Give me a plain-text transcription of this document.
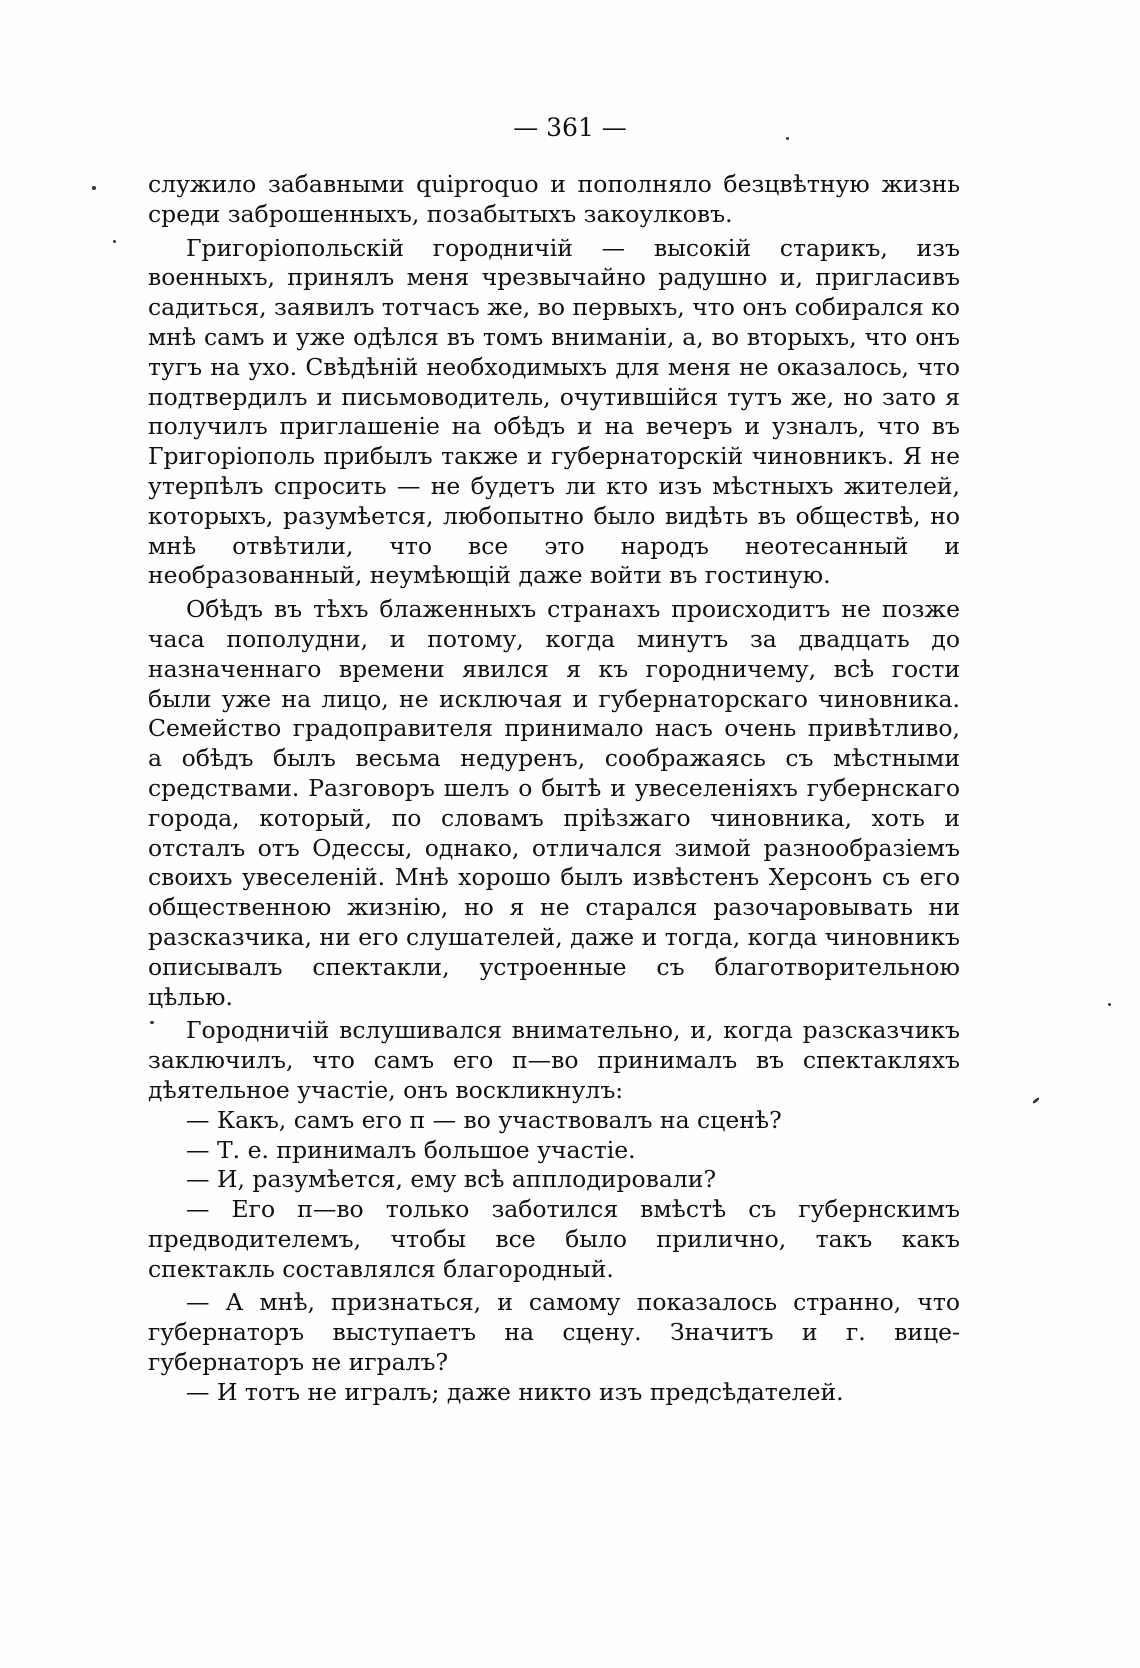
— 361 —

служило забавными quiproquo и пополняло безцвѣтную жизнь среди заброшенныхъ, позабытыхъ закоулковъ.

Григоріопольскій городничій — высокій старикъ, изъ военныхъ, принялъ меня чрезвычайно радушно и, пригласивъ садиться, заявилъ тотчасъ же, во первыхъ, что онъ собирался ко мнѣ самъ и уже одѣлся въ томъ вниманіи, а, во вторыхъ, что онъ тугъ на ухо. Свѣдѣній необходимыхъ для меня не оказалось, что подтвердилъ и письмоводитель, очутившійся тутъ же, но зато я получилъ приглашеніе на обѣдъ и на вечеръ и узналъ, что въ Григоріополь прибылъ также и губернаторскій чиновникъ. Я не утерпѣлъ спросить — не будетъ ли кто изъ мѣстныхъ жителей, которыхъ, разумѣется, любопытно было видѣть въ обществѣ, но мнѣ отвѣтили, что все это народъ неотесанный и необразованный, неумѣющій даже войти въ гостиную.

Обѣдъ въ тѣхъ блаженныхъ странахъ происходитъ не позже часа пополудни, и потому, когда минутъ за двадцать до назначеннаго времени явился я къ городничему, всѣ гости были уже на лицо, не исключая и губернаторскаго чиновника. Семейство градоправителя принимало насъ очень привѣтливо, а обѣдъ былъ весьма недуренъ, соображаясь съ мѣстными средствами. Разговоръ шелъ о бытѣ и увеселеніяхъ губернскаго города, который, по словамъ пріѣзжаго чиновника, хоть и отсталъ отъ Одессы, однако, отличался зимой разнообразіемъ своихъ увеселеній. Мнѣ хорошо былъ извѣстенъ Херсонъ съ его общественною жизнію, но я не старался разочаровывать ни разсказчика, ни его слушателей, даже и тогда, когда чиновникъ описывалъ спектакли, устроенные съ благотворительною цѣлью.

Городничій вслушивался внимательно, и, когда разсказчикъ заключилъ, что самъ его п—во принималъ въ спектакляхъ дѣятельное участіе, онъ воскликнулъ:

— Какъ, самъ его п — во участвовалъ на сценѣ?

— Т. е. принималъ большое участіе.

— И, разумѣется, ему всѣ апплодировали?

— Его п—во только заботился вмѣстѣ съ губернскимъ предводителемъ, чтобы все было прилично, такъ какъ спектакль составлялся благородный.

— А мнѣ, признаться, и самому показалось странно, что губернаторъ выступаетъ на сцену. Значитъ и г. вице-губернаторъ не игралъ?

— И тотъ не игралъ; даже никто изъ предсѣдателей.
